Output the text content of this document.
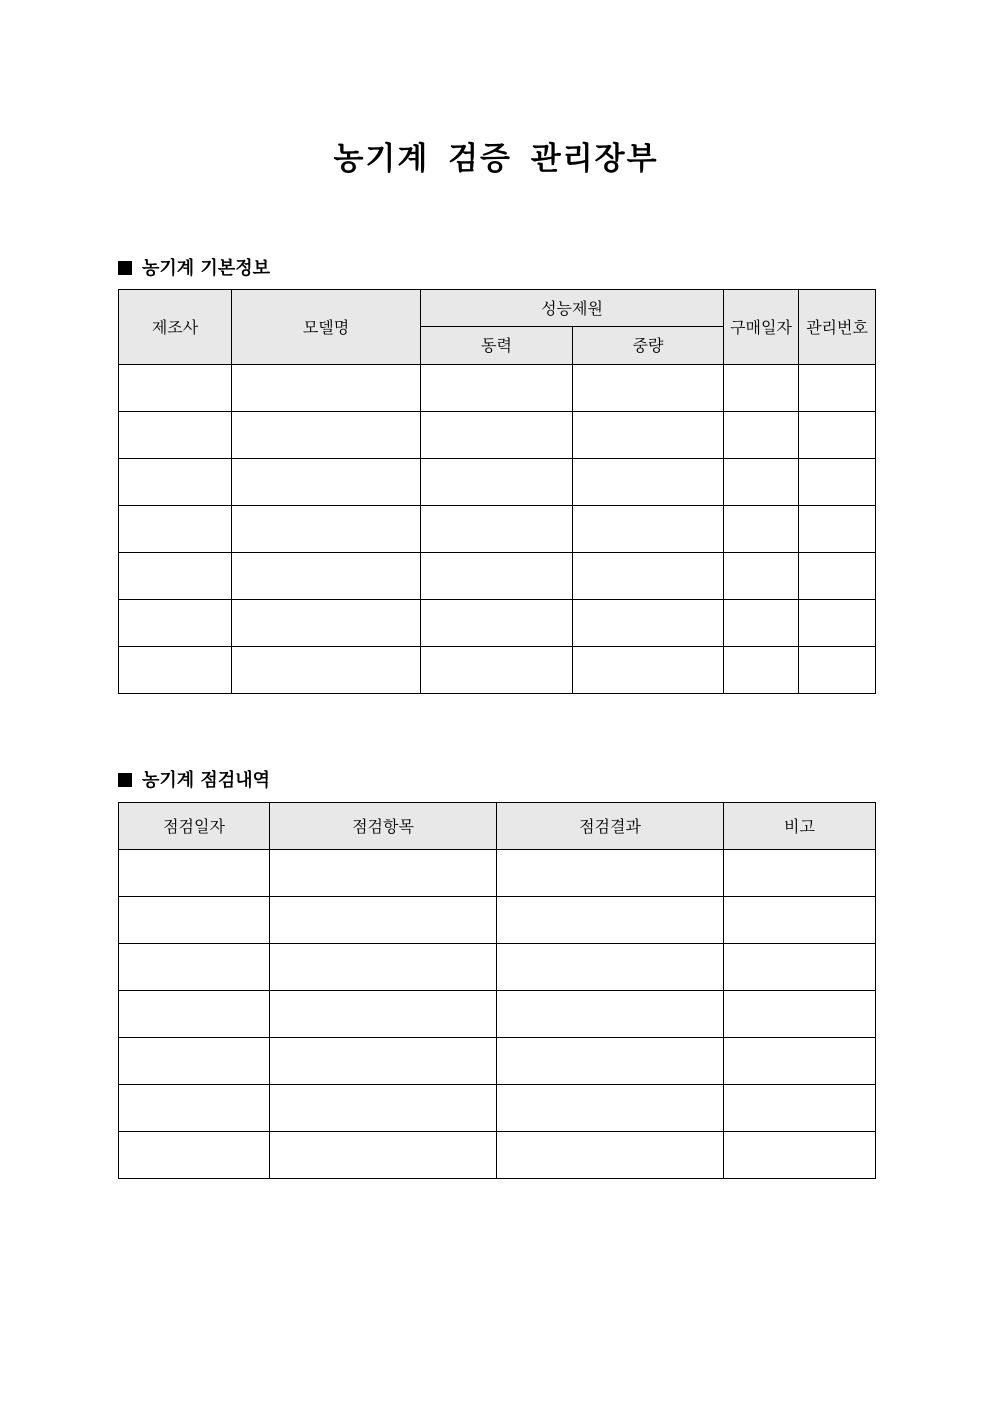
농기계 검증 관리장부
농기계 기본정보
제조사	모델명	성능제원		구매일자	관리번호
		동력	중량		

농기계 점검내역
점검일자	점검항목	점검결과	비고
